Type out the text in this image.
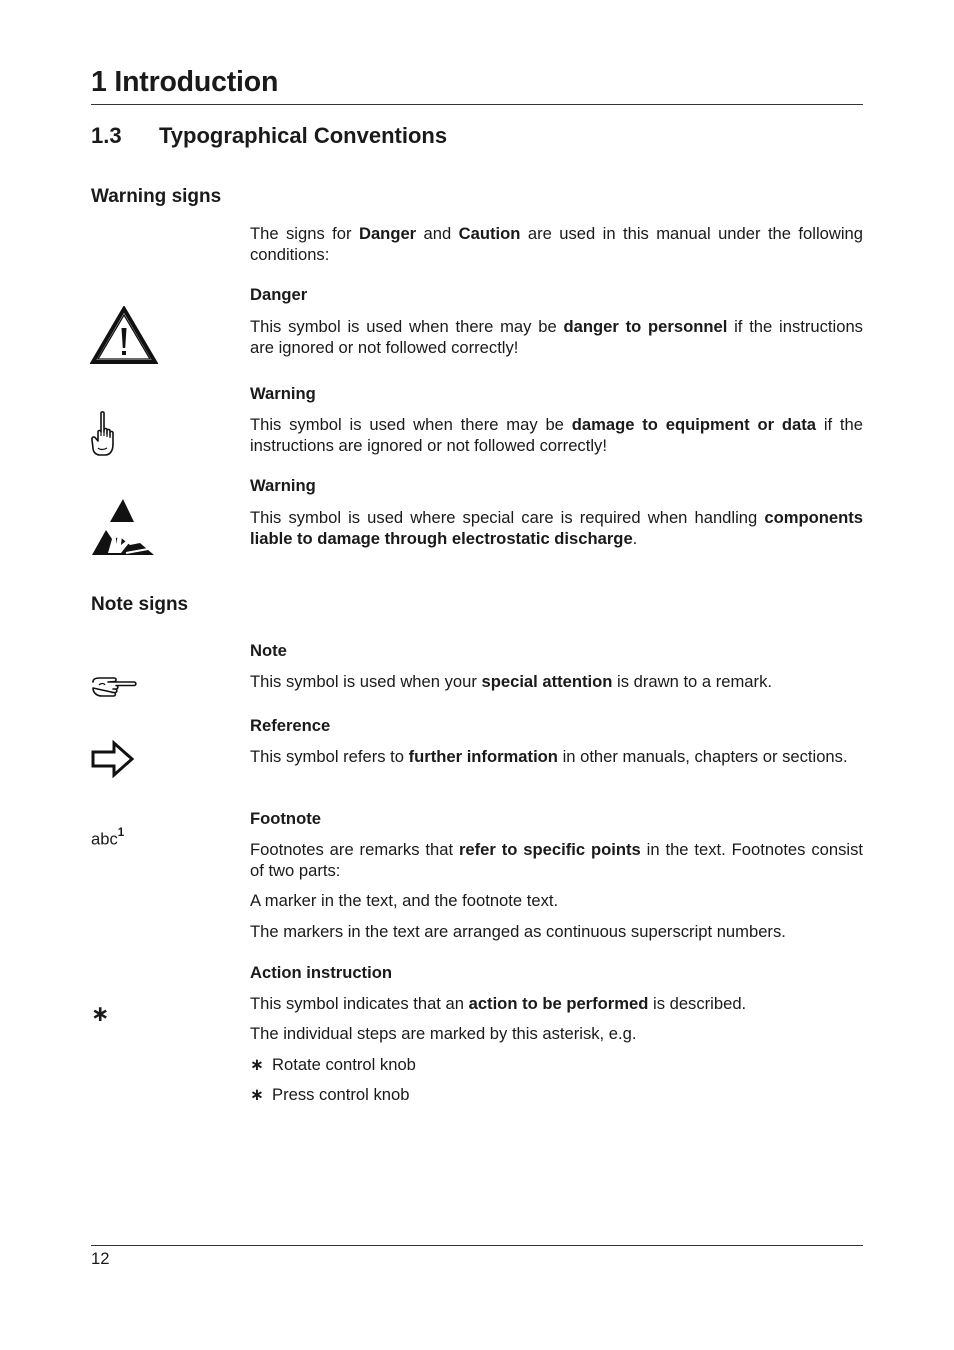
1 Introduction
1.3 Typographical Conventions
Warning signs
The signs for Danger and Caution are used in this manual under the following conditions:
Danger
This symbol is used when there may be danger to personnel if the instructions are ignored or not followed correctly!
Warning
This symbol is used when there may be damage to equipment or data if the instructions are ignored or not followed correctly!
Warning
This symbol is used where special care is required when handling components liable to damage through electrostatic discharge.
Note signs
Note
This symbol is used when your special attention is drawn to a remark.
Reference
This symbol refers to further information in other manuals, chapters or sections.
abc$^1$
Footnote
Footnotes are remarks that refer to specific points in the text. Footnotes consist of two parts:
A marker in the text, and the footnote text.
The markers in the text are arranged as continuous superscript numbers.
Action instruction
∗	This symbol indicates that an action to be performed is described.
The individual steps are marked by this asterisk, e.g.
∗ Rotate control knob
∗ Press control knob
12
